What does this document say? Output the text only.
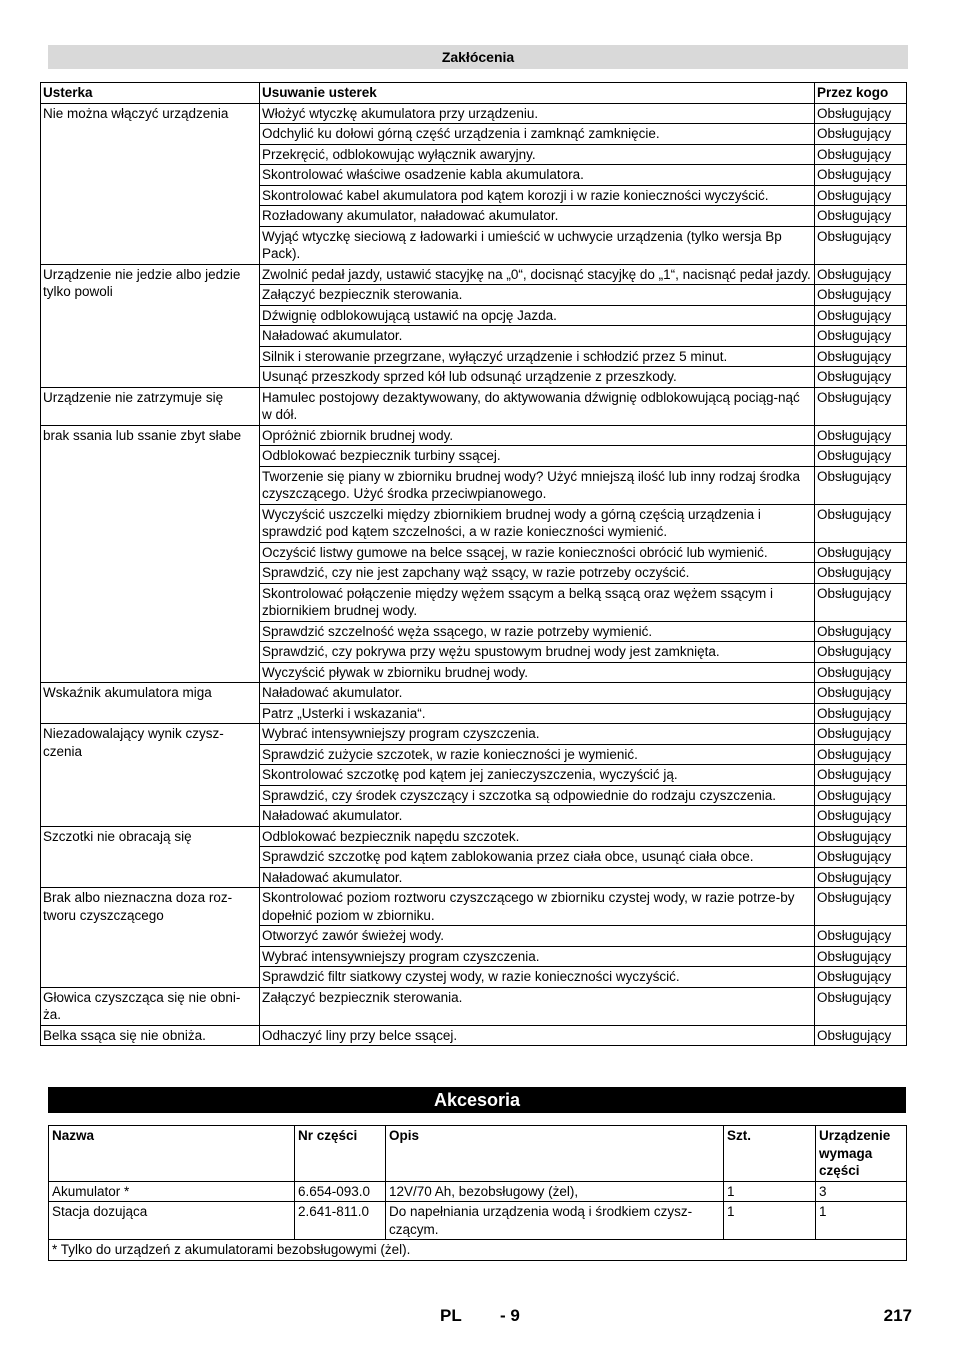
Zakłócenia
Usterka	Usuwanie usterek	Przez kogo
Nie można włączyć urządzenia	Włożyć wtyczkę akumulatora przy urządzeniu.	Obsługujący
	Odchylić ku dołowi górną część urządzenia i zamknąć zamknięcie.	Obsługujący
	Przekręcić, odblokowując wyłącznik awaryjny.	Obsługujący
	Skontrolować właściwe osadzenie kabla akumulatora.	Obsługujący
	Skontrolować kabel akumulatora pod kątem korozji i w razie konieczności wyczyścić.	Obsługujący
	Rozładowany akumulator, naładować akumulator.	Obsługujący
	Wyjąć wtyczkę sieciową z ładowarki i umieścić w uchwycie urządzenia (tylko wersja Bp Pack).	Obsługujący
Urządzenie nie jedzie albo jedzie tylko powoli	Zwolnić pedał jazdy, ustawić stacyjkę na „0“, docisnąć stacyjkę do „1“, nacisnąć pedał jazdy.	Obsługujący
	Załączyć bezpiecznik sterowania.	Obsługujący
	Dźwignię odblokowującą ustawić na opcję Jazda.	Obsługujący
	Naładować akumulator.	Obsługujący
	Silnik i sterowanie przegrzane, wyłączyć urządzenie i schłodzić przez 5 minut.	Obsługujący
	Usunąć przeszkody sprzed kół lub odsunąć urządzenie z przeszkody.	Obsługujący
Urządzenie nie zatrzymuje się	Hamulec postojowy dezaktywowany, do aktywowania dźwignię odblokowującą pociąg-nąć w dół.	Obsługujący
brak ssania lub ssanie zbyt słabe	Opróżnić zbiornik brudnej wody.	Obsługujący
	Odblokować bezpiecznik turbiny ssącej.	Obsługujący
	Tworzenie się piany w zbiorniku brudnej wody? Użyć mniejszą ilość lub inny rodzaj środka czyszczącego. Użyć środka przeciwpianowego.	Obsługujący
	Wyczyścić uszczelki między zbiornikiem brudnej wody a górną częścią urządzenia i sprawdzić pod kątem szczelności, a w razie konieczności wymienić.	Obsługujący
	Oczyścić listwy gumowe na belce ssącej, w razie konieczności obrócić lub wymienić.	Obsługujący
	Sprawdzić, czy nie jest zapchany wąż ssący, w razie potrzeby oczyścić.	Obsługujący
	Skontrolować połączenie między wężem ssącym a belką ssącą oraz wężem ssącym i zbiornikiem brudnej wody.	Obsługujący
	Sprawdzić szczelność węża ssącego, w razie potrzeby wymienić.	Obsługujący
	Sprawdzić, czy pokrywa przy wężu spustowym brudnej wody jest zamknięta.	Obsługujący
	Wyczyścić pływak w zbiorniku brudnej wody.	Obsługujący
Wskaźnik akumulatora miga	Naładować akumulator.	Obsługujący
	Patrz „Usterki i wskazania“.	Obsługujący
Niezadowalający wynik czysz-czenia	Wybrać intensywniejszy program czyszczenia.	Obsługujący
	Sprawdzić zużycie szczotek, w razie konieczności je wymienić.	Obsługujący
	Skontrolować szczotkę pod kątem jej zanieczyszczenia, wyczyścić ją.	Obsługujący
	Sprawdzić, czy środek czyszczący i szczotka są odpowiednie do rodzaju czyszczenia.	Obsługujący
	Naładować akumulator.	Obsługujący
Szczotki nie obracają się	Odblokować bezpiecznik napędu szczotek.	Obsługujący
	Sprawdzić szczotkę pod kątem zablokowania przez ciała obce, usunąć ciała obce.	Obsługujący
	Naładować akumulator.	Obsługujący
Brak albo nieznaczna doza roz-tworu czyszczącego	Skontrolować poziom roztworu czyszczącego w zbiorniku czystej wody, w razie potrze-by dopełnić poziom w zbiorniku.	Obsługujący
	Otworzyć zawór świeżej wody.	Obsługujący
	Wybrać intensywniejszy program czyszczenia.	Obsługujący
	Sprawdzić filtr siatkowy czystej wody, w razie konieczności wyczyścić.	Obsługujący
Głowica czyszcząca się nie obni-ża.	Załączyć bezpiecznik sterowania.	Obsługujący
Belka ssąca się nie obniża.	Odhaczyć liny przy belce ssącej.	Obsługujący
Akcesoria
Nazwa	Nr części	Opis	Szt.	Urządzenie wymaga części
Akumulator *	6.654-093.0	12V/70 Ah, bezobsługowy (żel),	1	3
Stacja dozująca	2.641-811.0	Do napełniania urządzenia wodą i środkiem czysz-czącym.	1	1
* Tylko do urządzeń z akumulatorami bezobsługowymi (żel).				
PL - 9	217
